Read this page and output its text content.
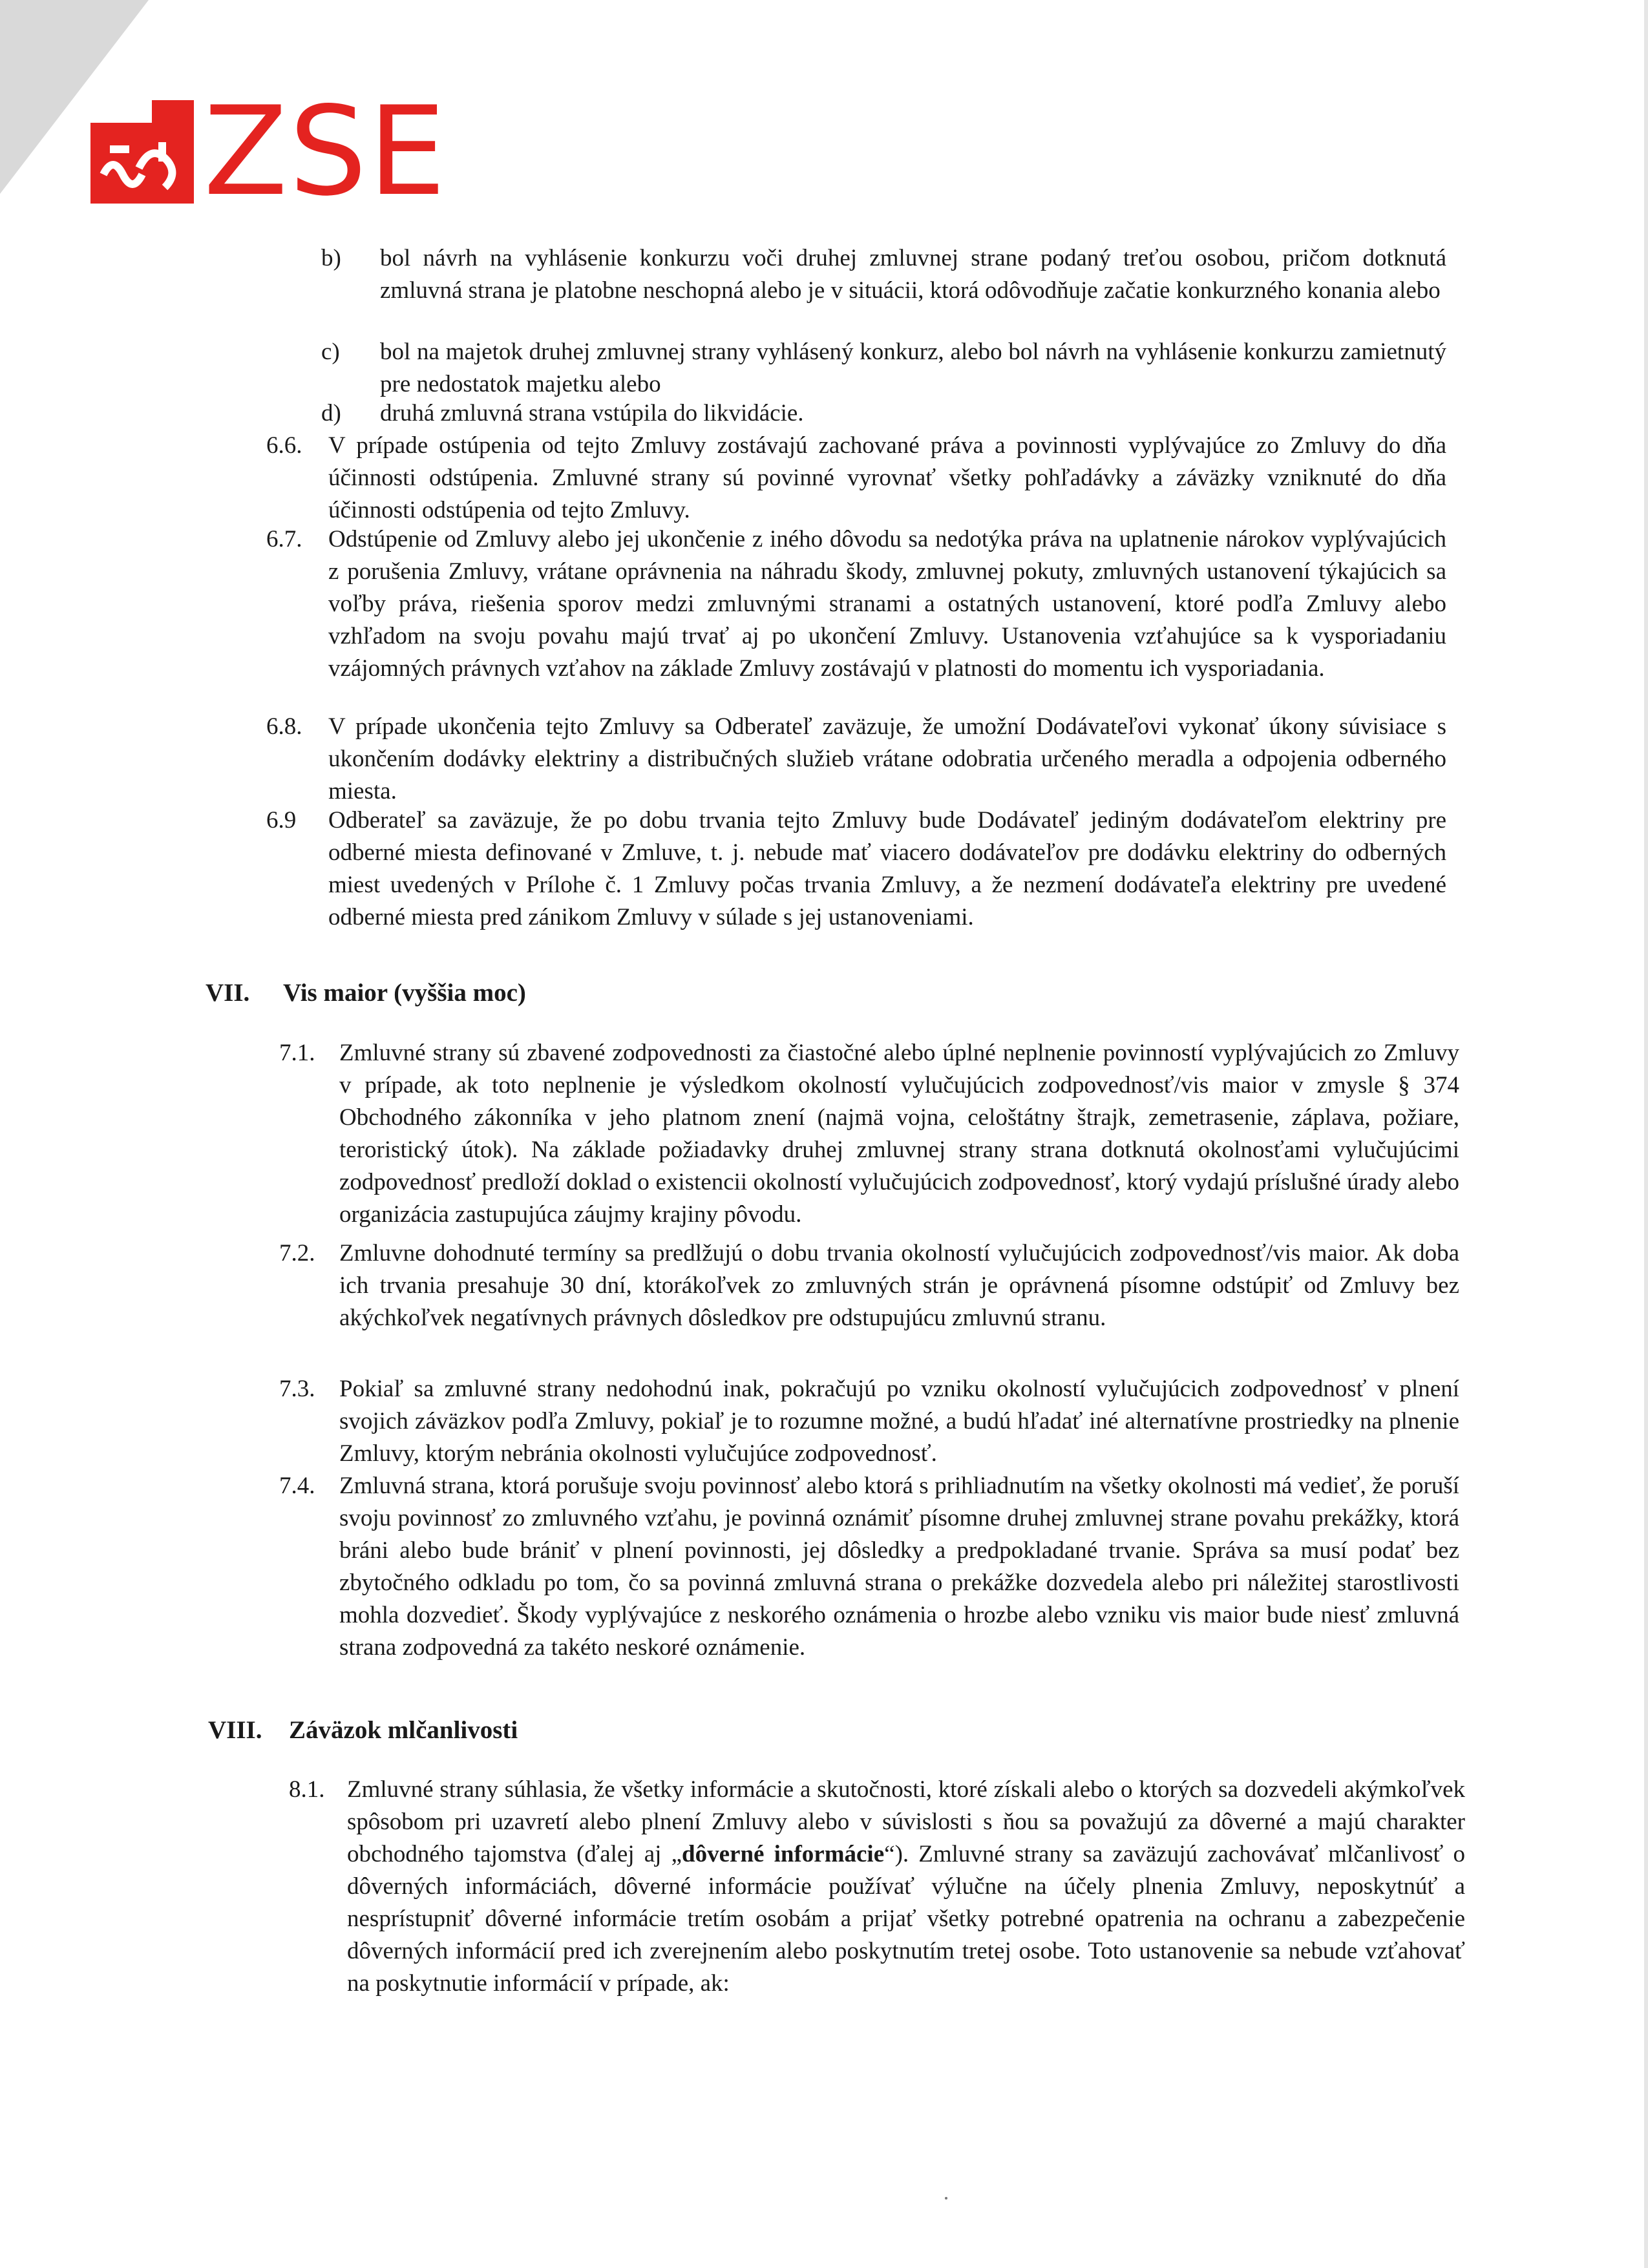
ZSE
b) bol návrh na vyhlásenie konkurzu voči druhej zmluvnej strane podaný treťou osobou, pričom dotknutá zmluvná strana je platobne neschopná alebo je v situácii, ktorá odôvodňuje začatie konkurzného konania alebo
c) bol na majetok druhej zmluvnej strany vyhlásený konkurz, alebo bol návrh na vyhlásenie konkurzu zamietnutý pre nedostatok majetku alebo
d) druhá zmluvná strana vstúpila do likvidácie.
6.6. V prípade ostúpenia od tejto Zmluvy zostávajú zachované práva a povinnosti vyplývajúce zo Zmluvy do dňa účinnosti odstúpenia. Zmluvné strany sú povinné vyrovnať všetky pohľadávky a záväzky vzniknuté do dňa účinnosti odstúpenia od tejto Zmluvy.
6.7. Odstúpenie od Zmluvy alebo jej ukončenie z iného dôvodu sa nedotýka práva na uplatnenie nárokov vyplývajúcich z porušenia Zmluvy, vrátane oprávnenia na náhradu škody, zmluvnej pokuty, zmluvných ustanovení týkajúcich sa voľby práva, riešenia sporov medzi zmluvnými stranami a ostatných ustanovení, ktoré podľa Zmluvy alebo vzhľadom na svoju povahu majú trvať aj po ukončení Zmluvy. Ustanovenia vzťahujúce sa k vysporiadaniu vzájomných právnych vzťahov na základe Zmluvy zostávajú v platnosti do momentu ich vysporiadania.
6.8. V prípade ukončenia tejto Zmluvy sa Odberateľ zaväzuje, že umožní Dodávateľovi vykonať úkony súvisiace s ukončením dodávky elektriny a distribučných služieb vrátane odobratia určeného meradla a odpojenia odberného miesta.
6.9 Odberateľ sa zaväzuje, že po dobu trvania tejto Zmluvy bude Dodávateľ jediným dodávateľom elektriny pre odberné miesta definované v Zmluve, t. j. nebude mať viacero dodávateľov pre dodávku elektriny do odberných miest uvedených v Prílohe č. 1 Zmluvy počas trvania Zmluvy, a že nezmení dodávateľa elektriny pre uvedené odberné miesta pred zánikom Zmluvy v súlade s jej ustanoveniami.
VII. Vis maior (vyššia moc)
7.1. Zmluvné strany sú zbavené zodpovednosti za čiastočné alebo úplné neplnenie povinností vyplývajúcich zo Zmluvy v prípade, ak toto neplnenie je výsledkom okolností vylučujúcich zodpovednosť/vis maior v zmysle § 374 Obchodného zákonníka v jeho platnom znení (najmä vojna, celoštátny štrajk, zemetrasenie, záplava, požiare, teroristický útok). Na základe požiadavky druhej zmluvnej strany strana dotknutá okolnosťami vylučujúcimi zodpovednosť predloží doklad o existencii okolností vylučujúcich zodpovednosť, ktorý vydajú príslušné úrady alebo organizácia zastupujúca záujmy krajiny pôvodu.
7.2. Zmluvne dohodnuté termíny sa predlžujú o dobu trvania okolností vylučujúcich zodpovednosť/vis maior. Ak doba ich trvania presahuje 30 dní, ktorákoľvek zo zmluvných strán je oprávnená písomne odstúpiť od Zmluvy bez akýchkoľvek negatívnych právnych dôsledkov pre odstupujúcu zmluvnú stranu.
7.3. Pokiaľ sa zmluvné strany nedohodnú inak, pokračujú po vzniku okolností vylučujúcich zodpovednosť v plnení svojich záväzkov podľa Zmluvy, pokiaľ je to rozumne možné, a budú hľadať iné alternatívne prostriedky na plnenie Zmluvy, ktorým nebránia okolnosti vylučujúce zodpovednosť.
7.4. Zmluvná strana, ktorá porušuje svoju povinnosť alebo ktorá s prihliadnutím na všetky okolnosti má vedieť, že poruší svoju povinnosť zo zmluvného vzťahu, je povinná oznámiť písomne druhej zmluvnej strane povahu prekážky, ktorá bráni alebo bude brániť v plnení povinnosti, jej dôsledky a predpokladané trvanie. Správa sa musí podať bez zbytočného odkladu po tom, čo sa povinná zmluvná strana o prekážke dozvedela alebo pri náležitej starostlivosti mohla dozvedieť. Škody vyplývajúce z neskorého oznámenia o hrozbe alebo vzniku vis maior bude niesť zmluvná strana zodpovedná za takéto neskoré oznámenie.
VIII. Záväzok mlčanlivosti
8.1. Zmluvné strany súhlasia, že všetky informácie a skutočnosti, ktoré získali alebo o ktorých sa dozvedeli akýmkoľvek spôsobom pri uzavretí alebo plnení Zmluvy alebo v súvislosti s ňou sa považujú za dôverné a majú charakter obchodného tajomstva (ďalej aj „dôverné informácie“). Zmluvné strany sa zaväzujú zachovávať mlčanlivosť o dôverných informáciách, dôverné informácie používať výlučne na účely plnenia Zmluvy, neposkytnúť a nesprístupniť dôverné informácie tretím osobám a prijať všetky potrebné opatrenia na ochranu a zabezpečenie dôverných informácií pred ich zverejnením alebo poskytnutím tretej osobe. Toto ustanovenie sa nebude vzťahovať na poskytnutie informácií v prípade, ak:
